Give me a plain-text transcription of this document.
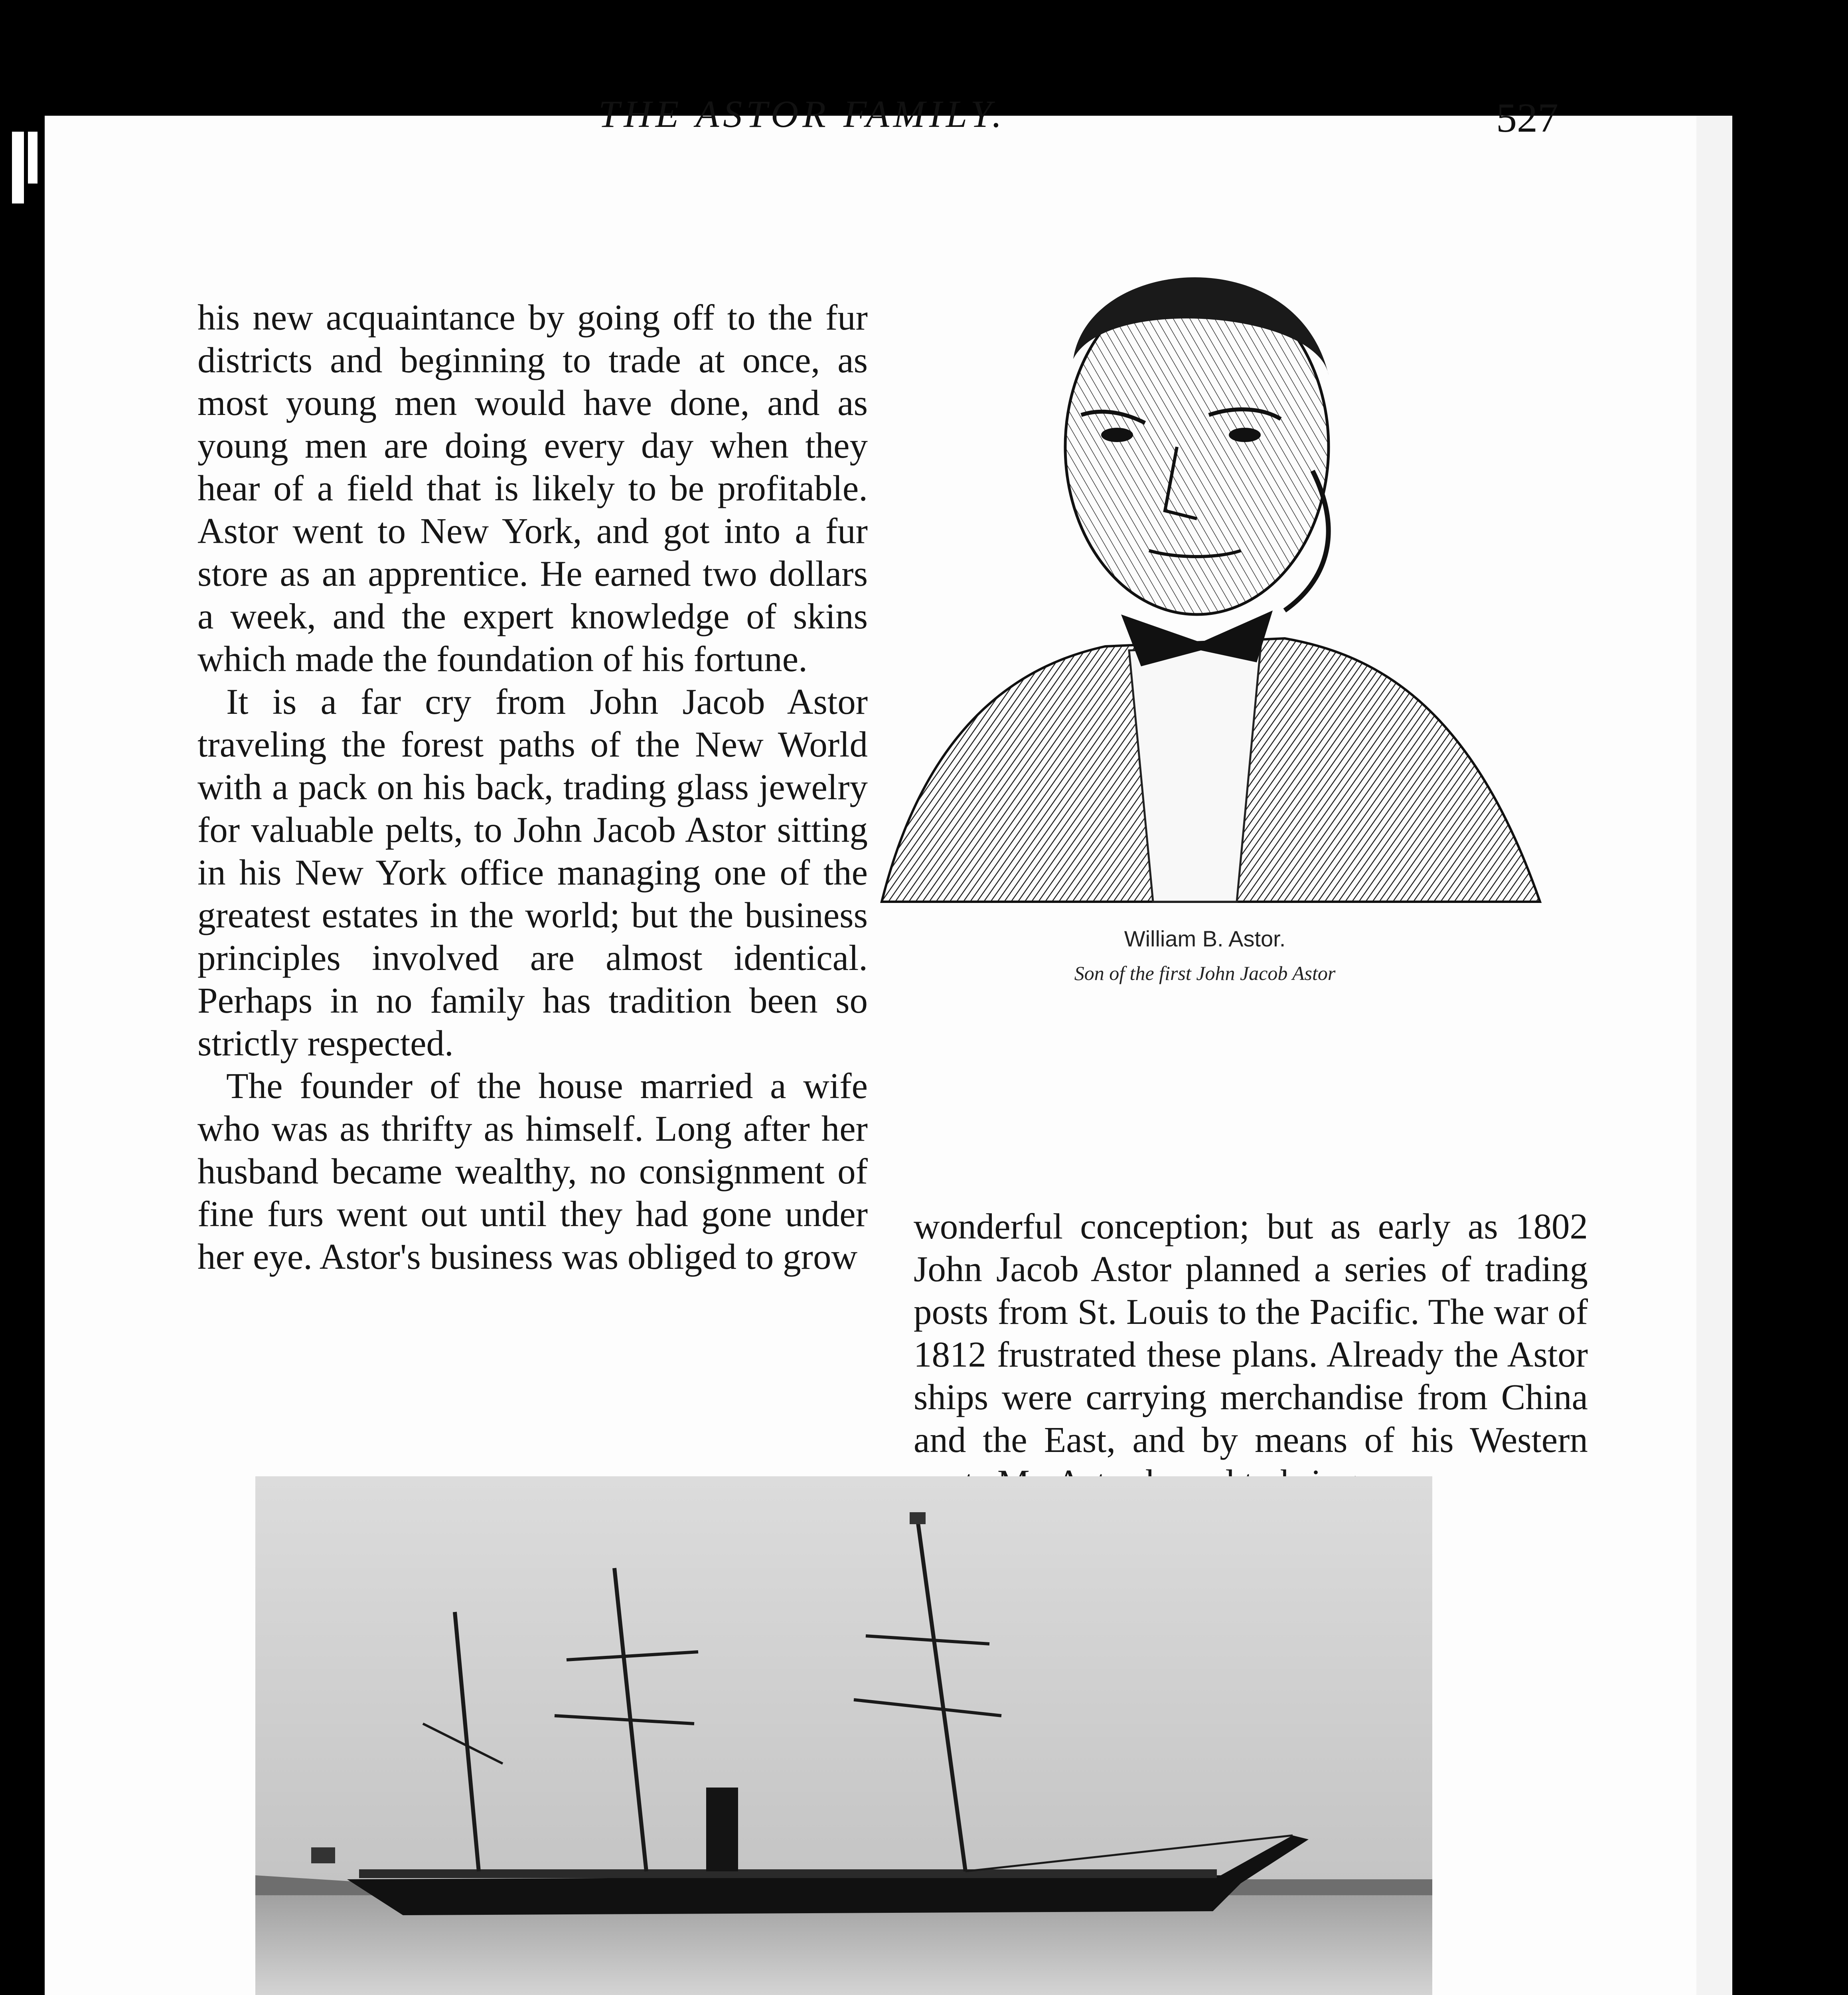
THE ASTOR FAMILY.	527

his new acquaintance by going off to the fur districts and beginning to trade at once, as most young men would have done, and as young men are doing every day when they hear of a field that is likely to be profitable. Astor went to New York, and got into a fur store as an apprentice. He earned two dollars a week, and the expert knowledge of skins which made the foundation of his fortune.

It is a far cry from John Jacob Astor traveling the forest paths of the New World with a pack on his back, trading glass jewelry for valuable pelts, to John Jacob Astor sitting in his New York office managing one of the greatest estates in the world; but the business principles involved are almost identical. Perhaps in no family has tradition been so strictly respected.

The founder of the house married a wife who was as thrifty as himself. Long after her husband became wealthy, no consignment of fine furs went out until they had gone under her eye. Astor's business was obliged to grow

William B. Astor.
Son of the first John Jacob Astor

wonderful conception; but as early as 1802 John Jacob Astor planned a series of trading posts from St. Louis to the Pacific. The war of 1812 frustrated these plans. Already the Astor ships were carrying merchandise from China and the East, and by means of his Western
